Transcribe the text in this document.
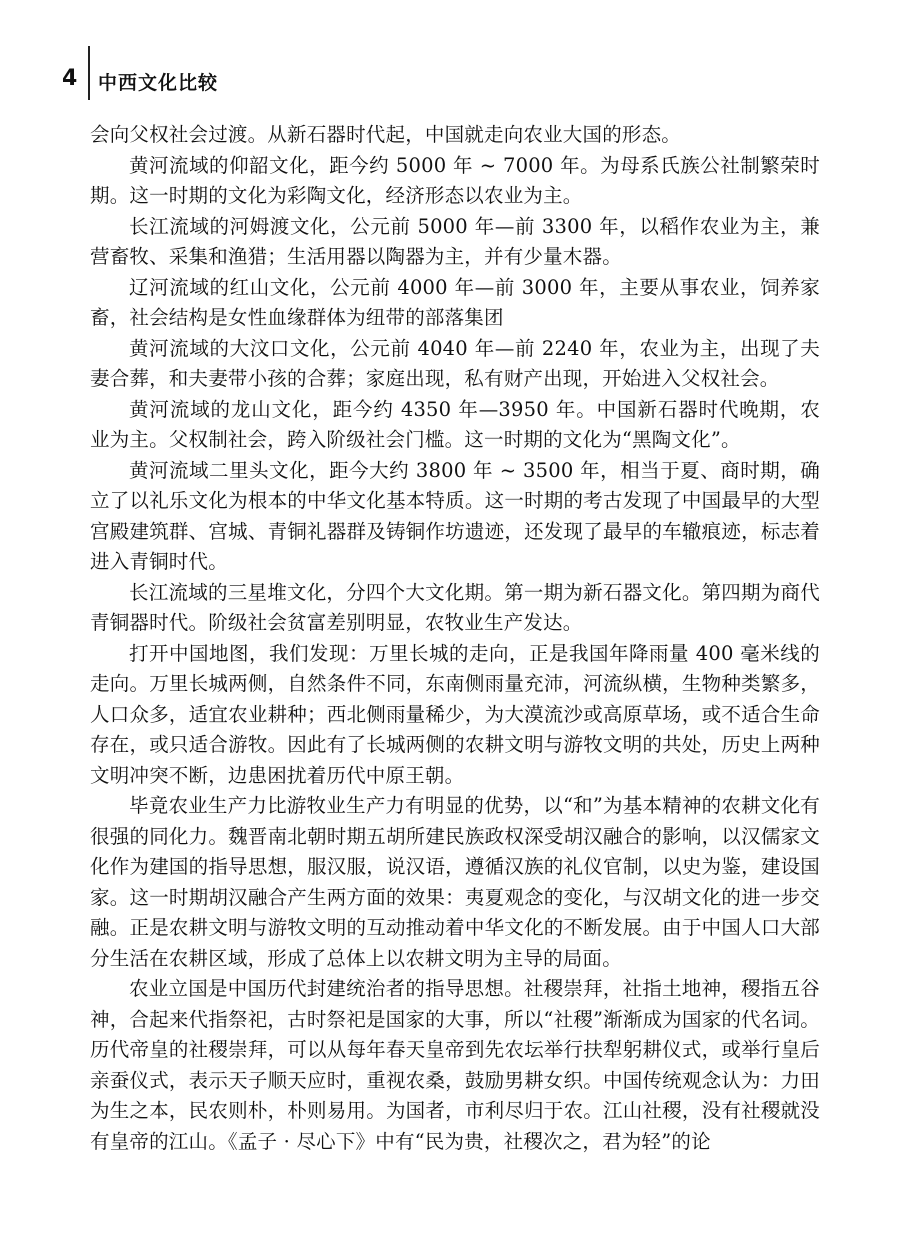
4 中西文化比较

会向父权社会过渡。从新石器时代起，中国就走向农业大国的形态。

黄河流域的仰韶文化，距今约 5000 年 ~ 7000 年。为母系氏族公社制繁荣时期。这一时期的文化为彩陶文化，经济形态以农业为主。

长江流域的河姆渡文化，公元前 5000 年—前 3300 年，以稻作农业为主，兼营畜牧、采集和渔猎；生活用器以陶器为主，并有少量木器。

辽河流域的红山文化，公元前 4000 年—前 3000 年，主要从事农业，饲养家畜，社会结构是女性血缘群体为纽带的部落集团

黄河流域的大汶口文化，公元前 4040 年—前 2240 年，农业为主，出现了夫妻合葬，和夫妻带小孩的合葬；家庭出现，私有财产出现，开始进入父权社会。

黄河流域的龙山文化，距今约 4350 年—3950 年。中国新石器时代晚期，农业为主。父权制社会，跨入阶级社会门槛。这一时期的文化为“黑陶文化”。

黄河流域二里头文化，距今大约 3800 年 ~ 3500 年，相当于夏、商时期，确立了以礼乐文化为根本的中华文化基本特质。这一时期的考古发现了中国最早的大型宫殿建筑群、宫城、青铜礼器群及铸铜作坊遗迹，还发现了最早的车辙痕迹，标志着进入青铜时代。

长江流域的三星堆文化，分四个大文化期。第一期为新石器文化。第四期为商代青铜器时代。阶级社会贫富差别明显，农牧业生产发达。

打开中国地图，我们发现：万里长城的走向，正是我国年降雨量 400 毫米线的走向。万里长城两侧，自然条件不同，东南侧雨量充沛，河流纵横，生物种类繁多，人口众多，适宜农业耕种；西北侧雨量稀少，为大漠流沙或高原草场，或不适合生命存在，或只适合游牧。因此有了长城两侧的农耕文明与游牧文明的共处，历史上两种文明冲突不断，边患困扰着历代中原王朝。

毕竟农业生产力比游牧业生产力有明显的优势，以“和”为基本精神的农耕文化有很强的同化力。魏晋南北朝时期五胡所建民族政权深受胡汉融合的影响，以汉儒家文化作为建国的指导思想，服汉服，说汉语，遵循汉族的礼仪官制，以史为鉴，建设国家。这一时期胡汉融合产生两方面的效果：夷夏观念的变化，与汉胡文化的进一步交融。正是农耕文明与游牧文明的互动推动着中华文化的不断发展。由于中国人口大部分生活在农耕区域，形成了总体上以农耕文明为主导的局面。

农业立国是中国历代封建统治者的指导思想。社稷崇拜，社指土地神，稷指五谷神，合起来代指祭祀，古时祭祀是国家的大事，所以“社稷”渐渐成为国家的代名词。历代帝皇的社稷崇拜，可以从每年春天皇帝到先农坛举行扶犁躬耕仪式，或举行皇后亲蚕仪式，表示天子顺天应时，重视农桑，鼓励男耕女织。中国传统观念认为：力田为生之本，民农则朴，朴则易用。为国者，市利尽归于农。江山社稷，没有社稷就没有皇帝的江山。《孟子 · 尽心下》中有“民为贵，社稷次之，君为轻”的论
